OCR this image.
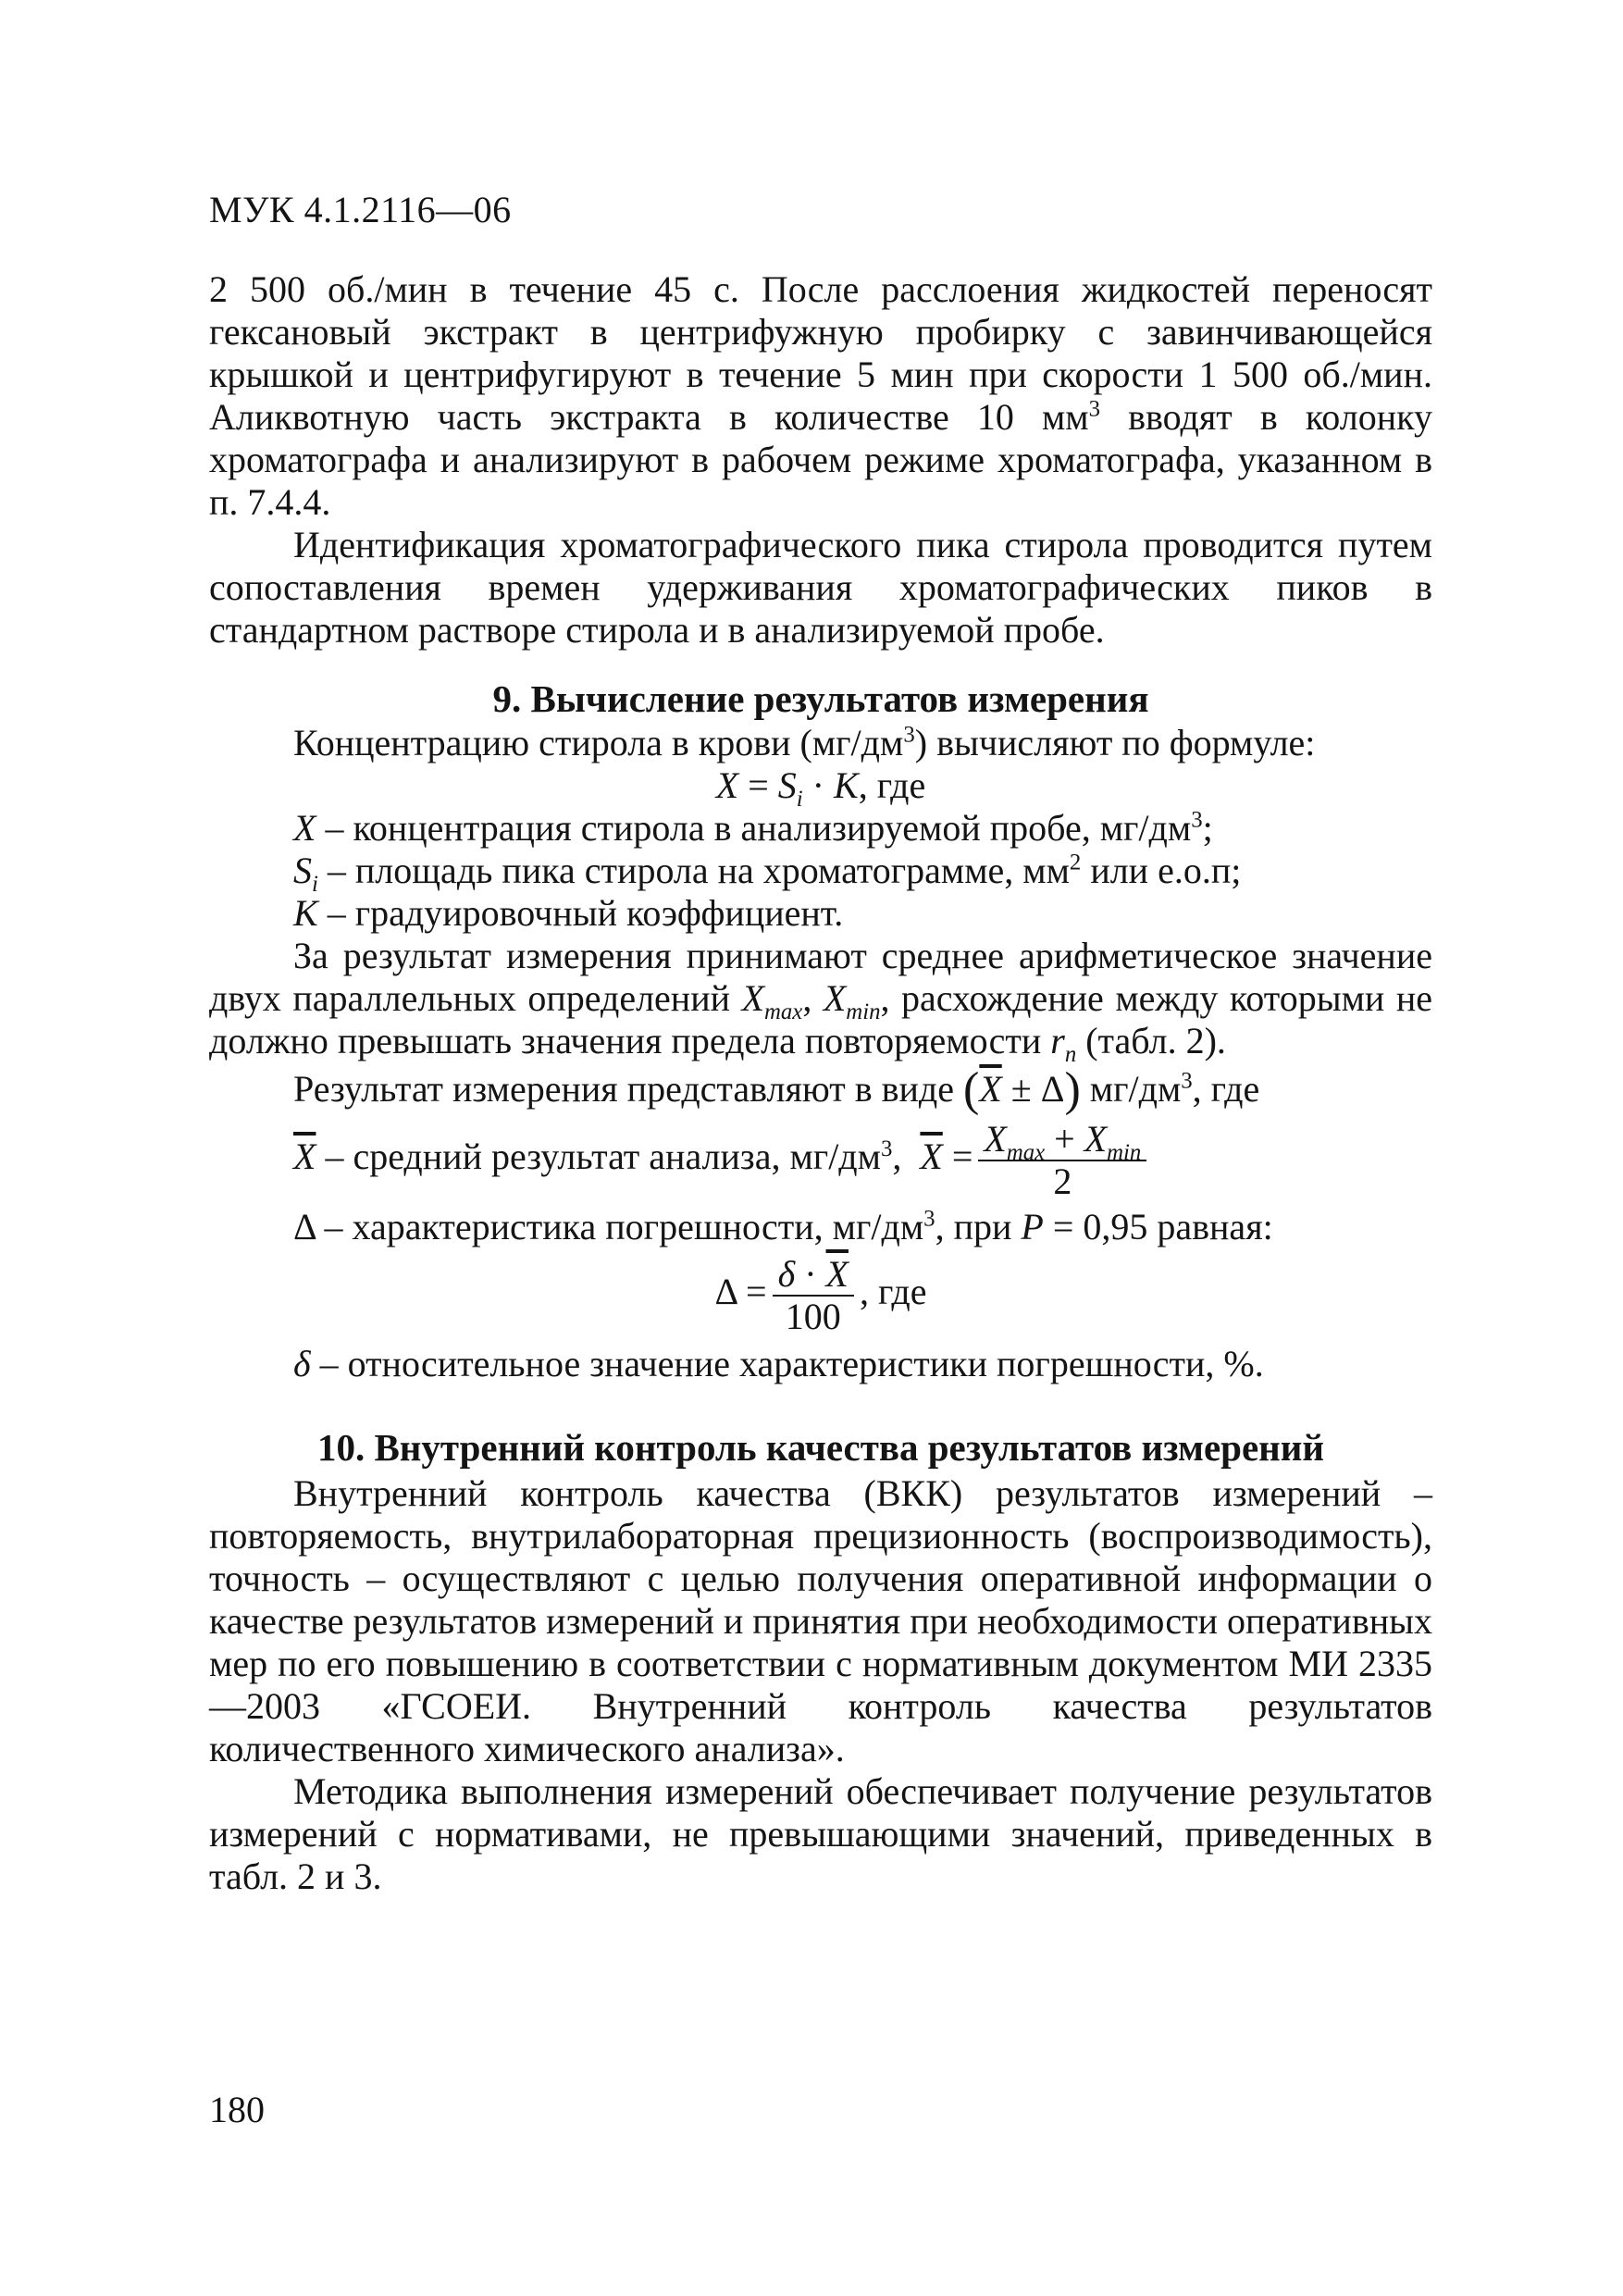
МУК 4.1.2116—06

2 500 об./мин в течение 45 с. После расслоения жидкостей переносят гексановый экстракт в центрифужную пробирку с завинчивающейся крышкой и центрифугируют в течение 5 мин при скорости 1 500 об./мин. Аликвотную часть экстракта в количестве 10 $мм^3$ вводят в колонку хроматографа и анализируют в рабочем режиме хроматографа, указанном в п. 7.4.4.

Идентификация хроматографического пика стирола проводится путем сопоставления времен удерживания хроматографических пиков в стандартном растворе стирола и в анализируемой пробе.

9. Вычисление результатов измерения

Концентрацию стирола в крови $(мг/дм^3)$ вычисляют по формуле:

$X = S_i \cdot K$, где

X – концентрация стирола в анализируемой пробе, $мг/дм^3$;

$S_i$ – площадь пика стирола на хроматограмме, $мм^2$ или е.о.п;

K – градуировочный коэффициент.

За результат измерения принимают среднее арифметическое значение двух параллельных определений $X_{max}$, $X_{min}$, расхождение между которыми не должно превышать значения предела повторяемости $r_n$ (табл. 2).

Результат измерения представляют в виде $(\overline{X} \pm \Delta)$ $мг/дм^3$, где

$\overline{X}$ – средний результат анализа, $мг/дм^3$, $\overline{X} = \frac{X_{max} + X_{min}}{2}$

Δ – характеристика погрешности, $мг/дм^3$, при P = 0,95 равная:

$\Delta = \frac{\delta \cdot \overline{X}}{100}$ , где

δ – относительное значение характеристики погрешности, %.

10. Внутренний контроль качества результатов измерений

Внутренний контроль качества (ВКК) результатов измерений – повторяемость, внутрилабораторная прецизионность (воспроизводимость), точность – осуществляют с целью получения оперативной информации о качестве результатов измерений и принятия при необходимости оперативных мер по его повышению в соответствии с нормативным документом МИ 2335—2003 «ГСОЕИ. Внутренний контроль качества результатов количественного химического анализа».

Методика выполнения измерений обеспечивает получение результатов измерений с нормативами, не превышающими значений, приведенных в табл. 2 и 3.

180
